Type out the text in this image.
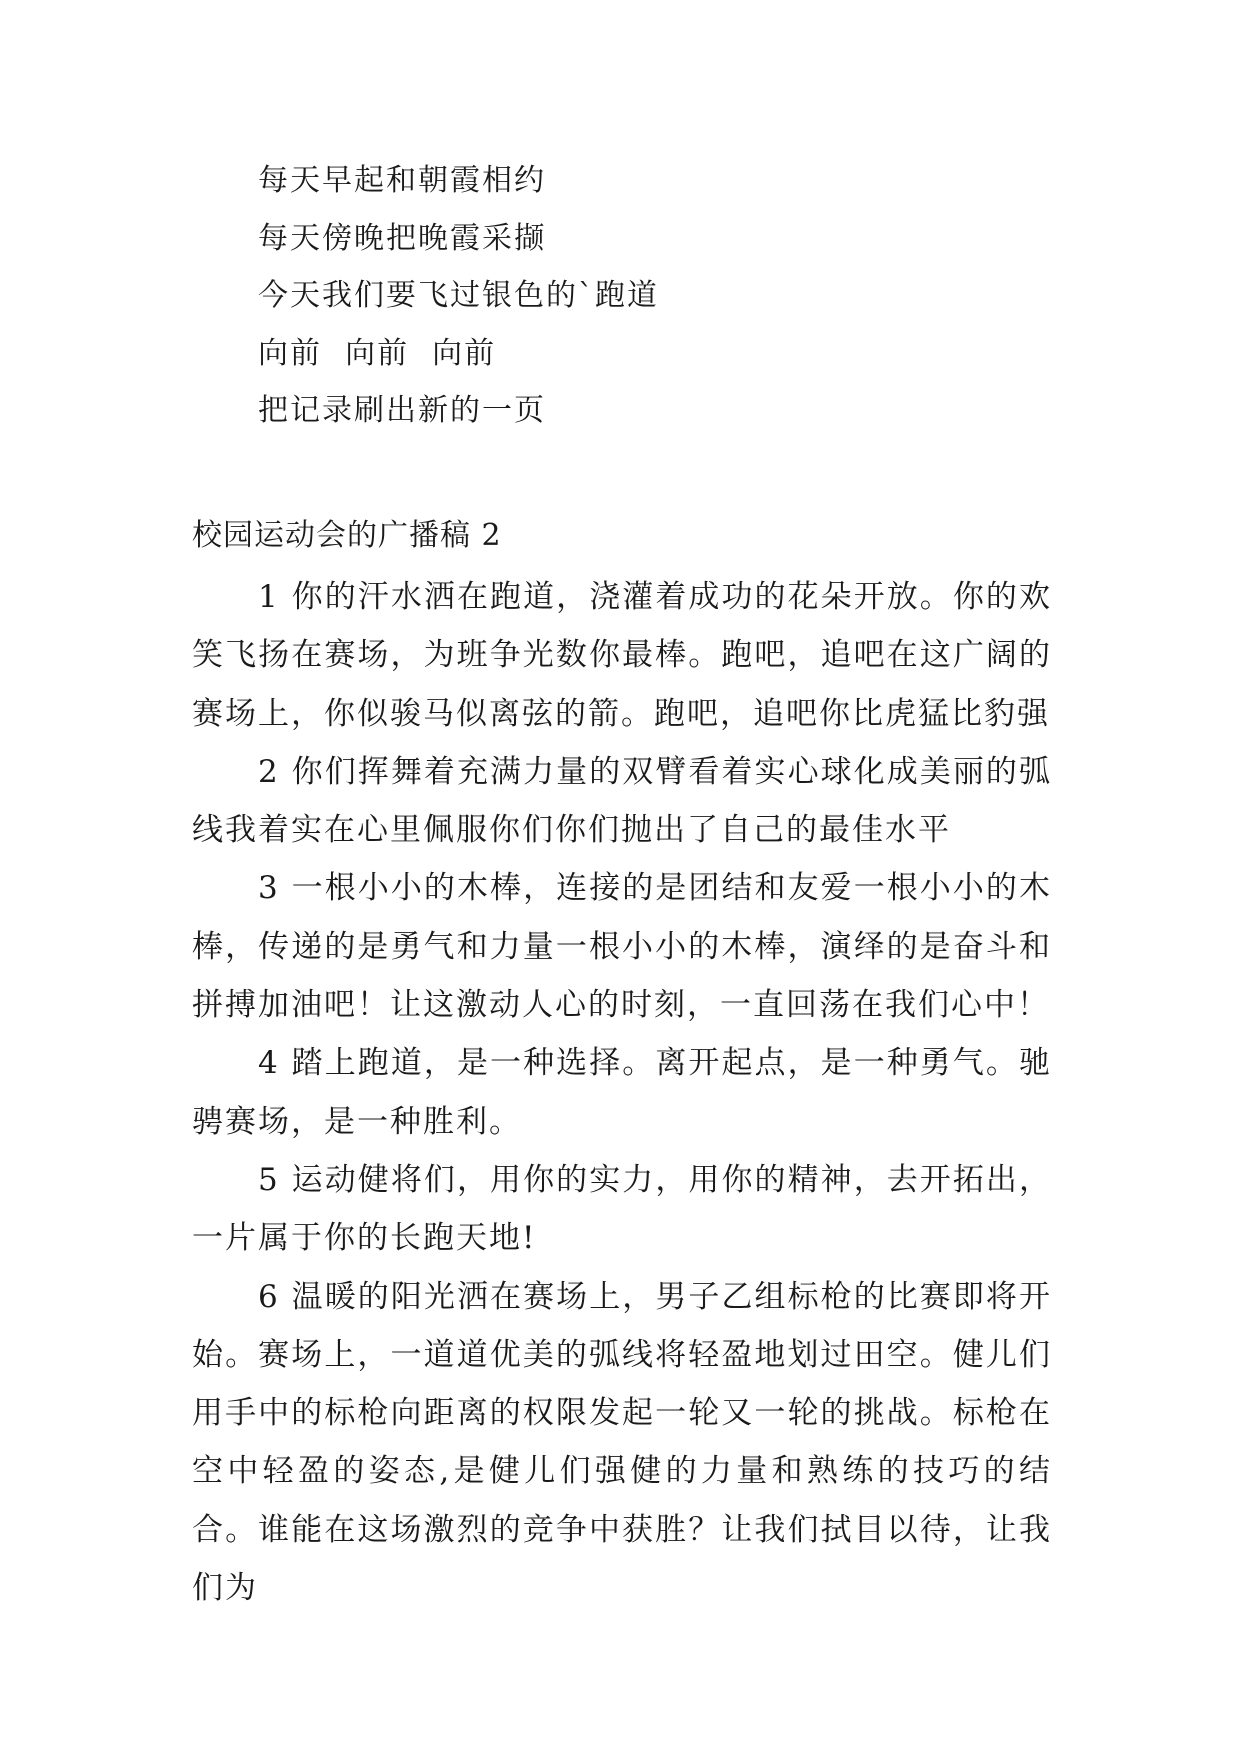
每天早起和朝霞相约
每天傍晚把晚霞采撷
今天我们要飞过银色的`跑道
向前  向前  向前
把记录刷出新的一页
校园运动会的广播稿 2

1 你的汗水洒在跑道，浇灌着成功的花朵开放。你的欢笑飞扬在赛场，为班争光数你最棒。跑吧，追吧在这广阔的赛场上，你似骏马似离弦的箭。跑吧，追吧你比虎猛比豹强

2 你们挥舞着充满力量的双臂看着实心球化成美丽的弧线我着实在心里佩服你们你们抛出了自己的最佳水平

3 一根小小的木棒，连接的是团结和友爱一根小小的木棒，传递的是勇气和力量一根小小的木棒，演绎的是奋斗和拼搏加油吧！让这激动人心的时刻，一直回荡在我们心中！

4 踏上跑道，是一种选择。离开起点，是一种勇气。驰骋赛场，是一种胜利。

5 运动健将们，用你的实力，用你的精神，去开拓出，一片属于你的长跑天地!

6 温暖的阳光洒在赛场上，男子乙组标枪的比赛即将开始。赛场上，一道道优美的弧线将轻盈地划过田空。健儿们用手中的标枪向距离的权限发起一轮又一轮的挑战。标枪在空中轻盈的姿态,是健儿们强健的力量和熟练的技巧的结合。谁能在这场激烈的竞争中获胜？让我们拭目以待，让我们为
